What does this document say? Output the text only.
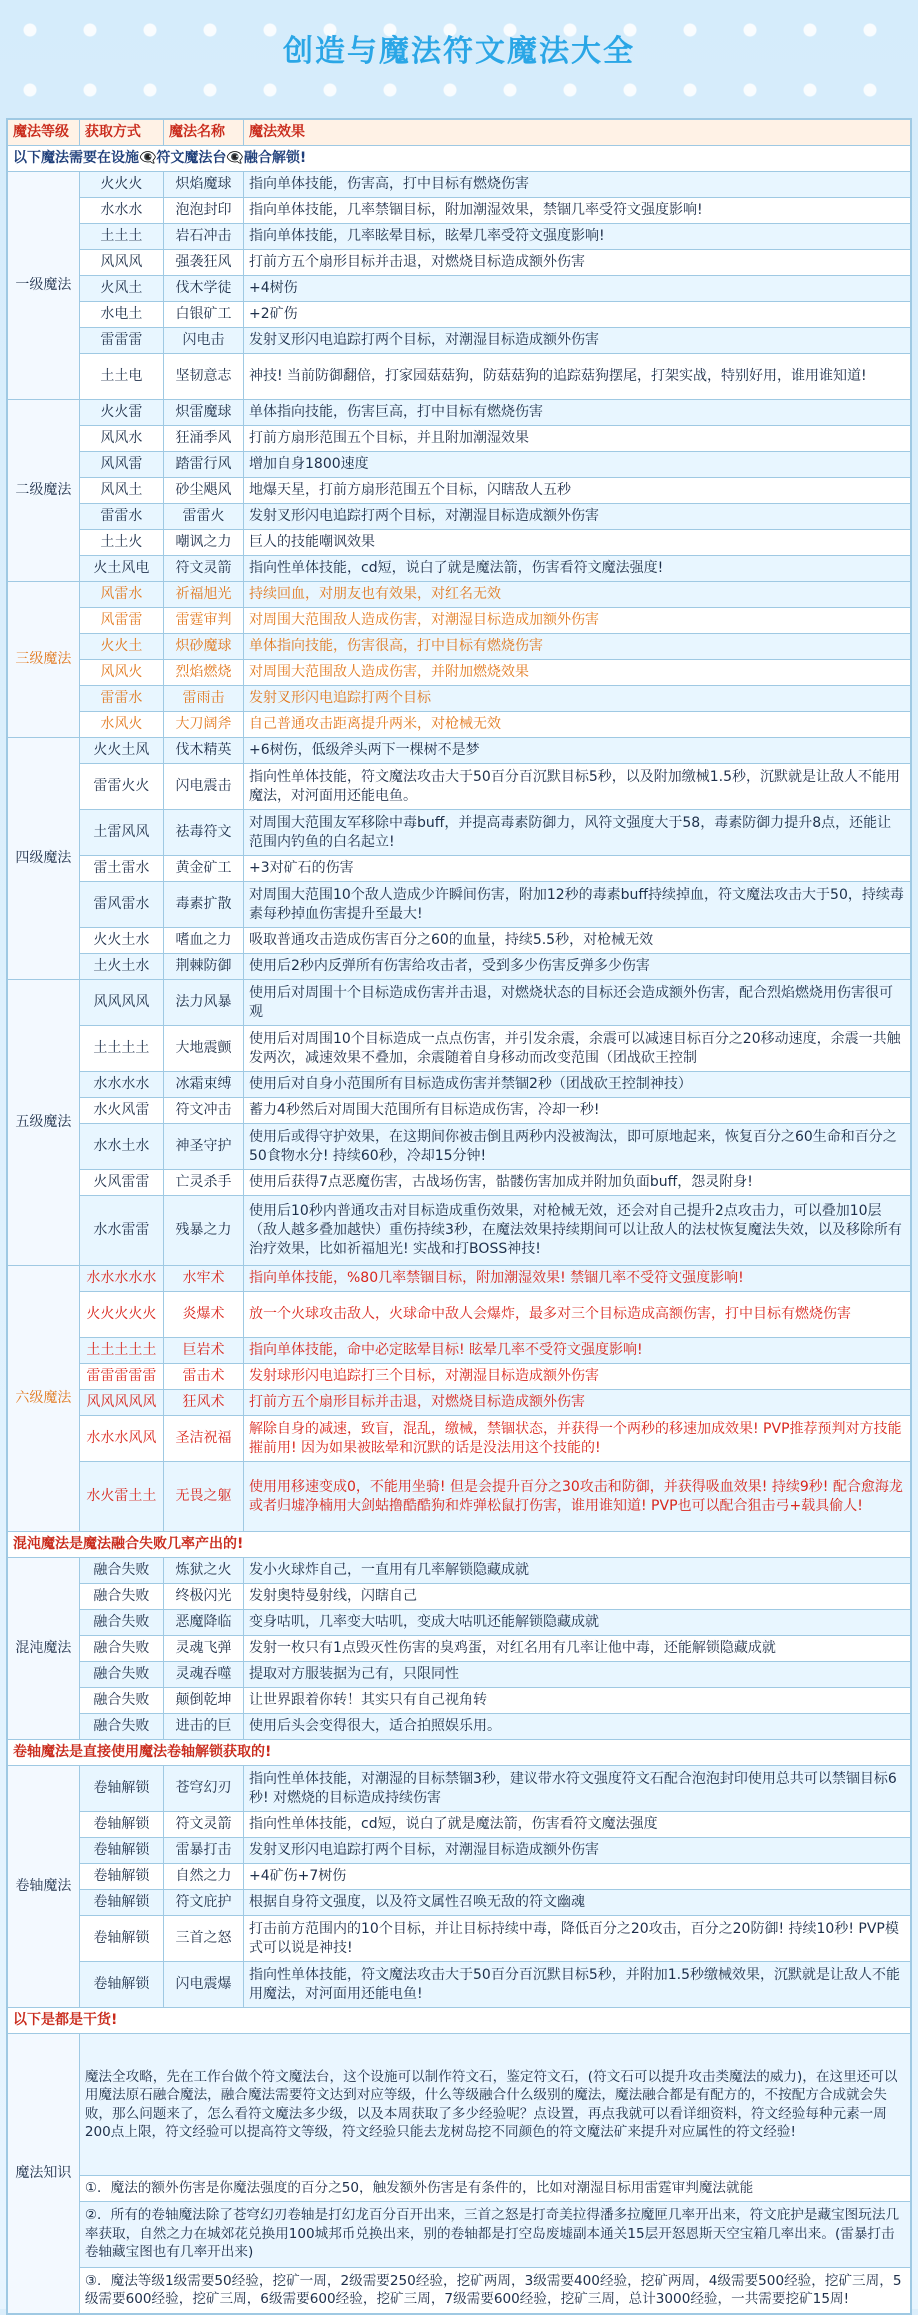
创造与魔法符文魔法大全
魔法等级	获取方式	魔法名称	魔法效果
以下魔法需要在设施👁‍🗨符文魔法台👁‍🗨融合解锁!			
一级魔法	火火火	炽焰魔球	指向单体技能，伤害高，打中目标有燃烧伤害
	水水水	泡泡封印	指向单体技能，几率禁锢目标，附加潮湿效果，禁锢几率受符文强度影响!
	土土土	岩石冲击	指向单体技能，几率眩晕目标，眩晕几率受符文强度影响!
	风风风	强袭狂风	打前方五个扇形目标并击退，对燃烧目标造成额外伤害
	火风土	伐木学徒	+4树伤
	水电土	白银矿工	+2矿伤
	雷雷雷	闪电击	发射叉形闪电追踪打两个目标，对潮湿目标造成额外伤害
	土土电	坚韧意志	神技! 当前防御翻倍，打家园菇菇狗，防菇菇狗的追踪菇狗摆尾，打架实战，特别好用，谁用谁知道!
二级魔法	火火雷	炽雷魔球	单体指向技能，伤害巨高，打中目标有燃烧伤害
	风风水	狂涌季风	打前方扇形范围五个目标，并且附加潮湿效果
	风风雷	踏雷行风	增加自身1800速度
	风风土	砂尘飓风	地爆天星，打前方扇形范围五个目标，闪瞎敌人五秒
	雷雷水	雷雷火	发射叉形闪电追踪打两个目标，对潮湿目标造成额外伤害
	土土火	嘲讽之力	巨人的技能嘲讽效果
	火土风电	符文灵箭	指向性单体技能，cd短，说白了就是魔法箭，伤害看符文魔法强度!
三级魔法	风雷水	祈福旭光	持续回血，对朋友也有效果，对红名无效
	风雷雷	雷霆审判	对周围大范围敌人造成伤害，对潮湿目标造成加额外伤害
	火火土	炽砂魔球	单体指向技能，伤害很高，打中目标有燃烧伤害
	风风火	烈焰燃烧	对周围大范围敌人造成伤害，并附加燃烧效果
	雷雷水	雷雨击	发射叉形闪电追踪打两个目标
	水风火	大刀阔斧	自己普通攻击距离提升两米，对枪械无效
四级魔法	火火土风	伐木精英	+6树伤，低级斧头两下一棵树不是梦
	雷雷火火	闪电震击	指向性单体技能，符文魔法攻击大于50百分百沉默目标5秒，以及附加缴械1.5秒，沉默就是让敌人不能用魔法，对河面用还能电鱼。
	土雷风风	祛毒符文	对周围大范围友军移除中毒buff，并提高毒素防御力，风符文强度大于58，毒素防御力提升8点，还能让范围内钓鱼的白名起立!
	雷土雷水	黄金矿工	+3对矿石的伤害
	雷风雷水	毒素扩散	对周围大范围10个敌人造成少许瞬间伤害，附加12秒的毒素buff持续掉血，符文魔法攻击大于50，持续毒素每秒掉血伤害提升至最大!
	火火土水	嗜血之力	吸取普通攻击造成伤害百分之60的血量，持续5.5秒，对枪械无效
	土火土水	荆棘防御	使用后2秒内反弹所有伤害给攻击者，受到多少伤害反弹多少伤害
五级魔法	风风风风	法力风暴	使用后对周围十个目标造成伤害并击退，对燃烧状态的目标还会造成额外伤害，配合烈焰燃烧用伤害很可观
	土土土土	大地震颤	使用后对周围10个目标造成一点点伤害，并引发余震，余震可以减速目标百分之20移动速度，余震一共触发两次，减速效果不叠加，余震随着自身移动而改变范围（团战砍王控制
	水水水水	冰霜束缚	使用后对自身小范围所有目标造成伤害并禁锢2秒（团战砍王控制神技）
	水火风雷	符文冲击	蓄力4秒然后对周围大范围所有目标造成伤害，冷却一秒!
	水水土水	神圣守护	使用后或得守护效果，在这期间你被击倒且两秒内没被淘汰，即可原地起来，恢复百分之60生命和百分之50食物水分! 持续60秒，冷却15分钟!
	火风雷雷	亡灵杀手	使用后获得7点恶魔伤害，古战场伤害，骷髅伤害加成并附加负面buff，怨灵附身!
	水水雷雷	残暴之力	使用后10秒内普通攻击对目标造成重伤效果，对枪械无效，还会对自己提升2点攻击力，可以叠加10层（敌人越多叠加越快）重伤持续3秒，在魔法效果持续期间可以让敌人的法杖恢复魔法失效，以及移除所有治疗效果，比如祈福旭光! 实战和打BOSS神技!
六级魔法	水水水水水	水牢术	指向单体技能，%80几率禁锢目标，附加潮湿效果! 禁锢几率不受符文强度影响!
	火火火火火	炎爆术	放一个火球攻击敌人，火球命中敌人会爆炸，最多对三个目标造成高额伤害，打中目标有燃烧伤害
	土土土土土	巨岩术	指向单体技能，命中必定眩晕目标! 眩晕几率不受符文强度影响!
	雷雷雷雷雷	雷击术	发射球形闪电追踪打三个目标，对潮湿目标造成额外伤害
	风风风风风	狂风术	打前方五个扇形目标并击退，对燃烧目标造成额外伤害
	水水水风风	圣洁祝福	解除自身的减速，致盲，混乱，缴械，禁锢状态，并获得一个两秒的移速加成效果! PVP推荐预判对方技能摧前用! 因为如果被眩晕和沉默的话是没法用这个技能的!
	水火雷土土	无畏之躯	使用用移速变成0，不能用坐骑! 但是会提升百分之30攻击和防御，并获得吸血效果! 持续9秒! 配合愈海龙或者归墟净楠用大剑蛄撸酷酷狗和炸弹松鼠打伤害，谁用谁知道! PVP也可以配合狙击弓+载具偷人!
混沌魔法是魔法融合失败几率产出的!			
混沌魔法	融合失败	炼狱之火	发小火球炸自己，一直用有几率解锁隐藏成就
	融合失败	终极闪光	发射奥特曼射线，闪瞎自己
	融合失败	恶魔降临	变身咕叽，几率变大咕叽，变成大咕叽还能解锁隐藏成就
	融合失败	灵魂飞弹	发射一枚只有1点毁灭性伤害的臭鸡蛋，对红名用有几率让他中毒，还能解锁隐藏成就
	融合失败	灵魂吞噬	提取对方服装据为己有，只限同性
	融合失败	颠倒乾坤	让世界跟着你转！其实只有自己视角转
	融合失败	进击的巨	使用后头会变得很大，适合拍照娱乐用。
卷轴魔法是直接使用魔法卷轴解锁获取的!			
卷轴魔法	卷轴解锁	苍穹幻刃	指向性单体技能，对潮湿的目标禁锢3秒，建议带水符文强度符文石配合泡泡封印使用总共可以禁锢目标6秒! 对燃烧的目标造成持续伤害
	卷轴解锁	符文灵箭	指向性单体技能，cd短，说白了就是魔法箭，伤害看符文魔法强度
	卷轴解锁	雷暴打击	发射叉形闪电追踪打两个目标，对潮湿目标造成额外伤害
	卷轴解锁	自然之力	+4矿伤+7树伤
	卷轴解锁	符文庇护	根据自身符文强度，以及符文属性召唤无敌的符文幽魂
	卷轴解锁	三首之怒	打击前方范围内的10个目标，并让目标持续中毒，降低百分之20攻击，百分之20防御! 持续10秒! PVP模式可以说是神技!
	卷轴解锁	闪电震爆	指向性单体技能，符文魔法攻击大于50百分百沉默目标5秒，并附加1.5秒缴械效果，沉默就是让敌人不能用魔法，对河面用还能电鱼!
以下是都是干货!			
魔法知识	魔法全攻略，先在工作台做个符文魔法台，这个设施可以制作符文石，鉴定符文石，(符文石可以提升攻击类魔法的威力)，在这里还可以用魔法原石融合魔法，融合魔法需要符文达到对应等级，什么等级融合什么级别的魔法，魔法融合都是有配方的，不按配方合成就会失败，那么问题来了，怎么看符文魔法多少级，以及本周获取了多少经验呢？点设置，再点我就可以看详细资料，符文经验每种元素一周200点上限，符文经验可以提高符文等级，符文经验只能去龙树岛挖不同颜色的符文魔法矿来提升对应属性的符文经验!		
	①．魔法的额外伤害是你魔法强度的百分之50，触发额外伤害是有条件的，比如对潮湿目标用雷霆审判魔法就能		
	②．所有的卷轴魔法除了苍穹幻刃卷轴是打幻龙百分百开出来，三首之怒是打奇美拉得潘多拉魔匣几率开出来，符文庇护是藏宝图玩法几率获取，自然之力在城郊花兑换用100城邦币兑换出来，别的卷轴都是打空岛废墟副本通关15层开怒恩斯天空宝箱几率出来。(雷暴打击卷轴藏宝图也有几率开出来)		
	③．魔法等级1级需要50经验，挖矿一周，2级需要250经验，挖矿两周，3级需要400经验，挖矿两周，4级需要500经验，挖矿三周，5级需要600经验，挖矿三周，6级需要600经验，挖矿三周，7级需要600经验，挖矿三周，总计3000经验，一共需要挖矿15周!		
